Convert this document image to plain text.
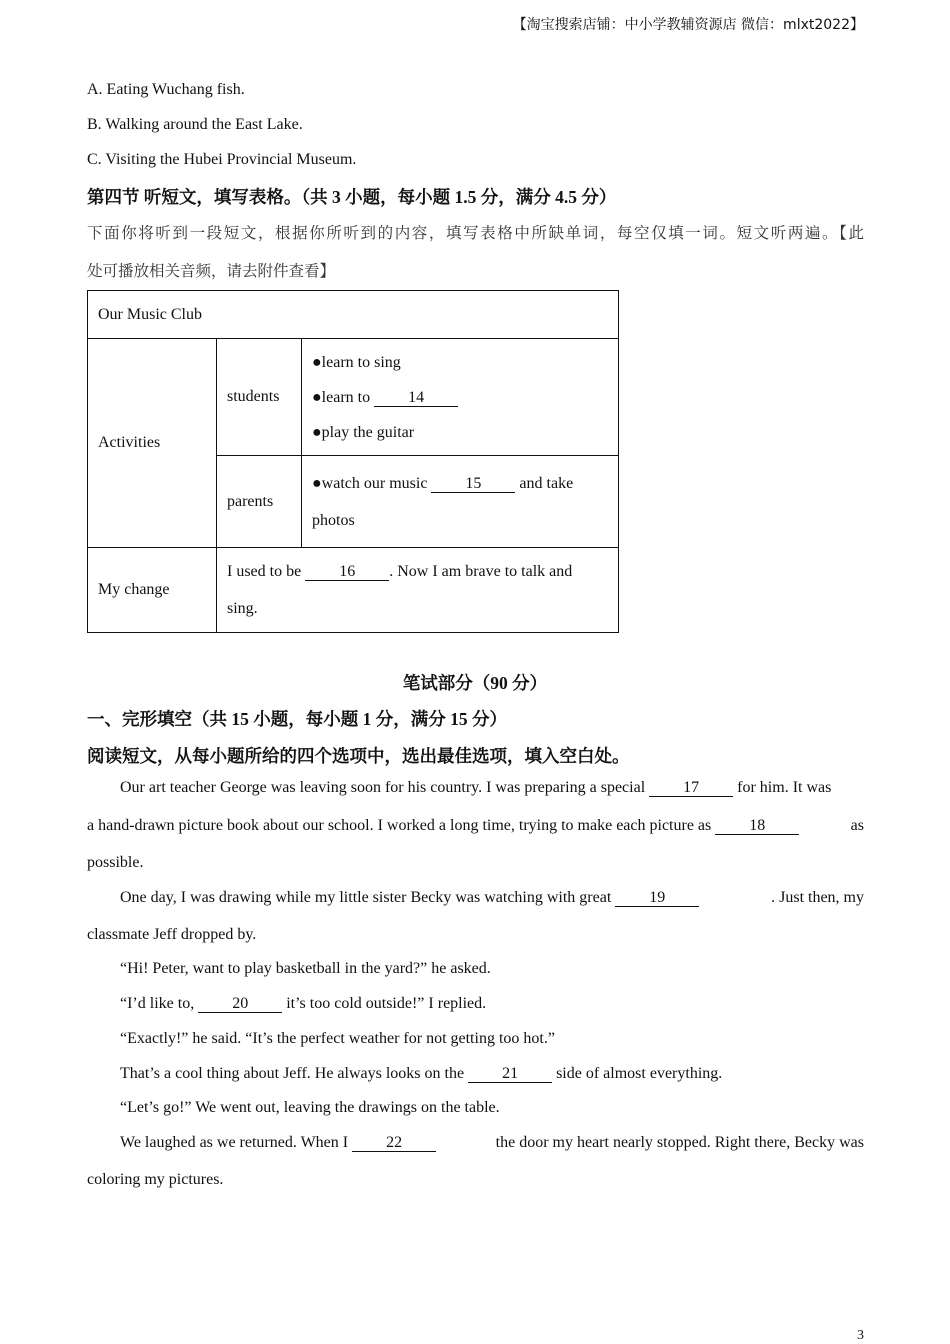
【淘宝搜索店铺：中小学教辅资源店 微信：mlxt2022】
A. Eating Wuchang fish.
B. Walking around the East Lake.
C. Visiting the Hubei Provincial Museum.
第四节 听短文，填写表格。（共 3 小题，每小题 1.5 分，满分 4.5 分）
下面你将听到一段短文，根据你所听到的内容，填写表格中所缺单词，每空仅填一词。短文听两遍。【此
处可播放相关音频，请去附件查看】
Our Music Club		
Activities	students	●learn to sing
●learn to 14
●play the guitar

	parents	●watch our music 15 and take
photos

My change	I used to be 16 . Now I am brave to talk and
sing.	
笔试部分（90 分）
一、完形填空（共 15 小题，每小题 1 分，满分 15 分）
阅读短文，从每小题所给的四个选项中，选出最佳选项，填入空白处。
Our art teacher George was leaving soon for his country. I was preparing a special 17 for him. It was
a hand-drawn picture book about our school. I worked a long time, trying to make each picture as 18	as
possible.
One day, I was drawing while my little sister Becky was watching with great 19	. Just then, my
classmate Jeff dropped by.
“Hi! Peter, want to play basketball in the yard?” he asked.
“I’d like to, 20 it’s too cold outside!” I replied.
“Exactly!” he said. “It’s the perfect weather for not getting too hot.”
That’s a cool thing about Jeff. He always looks on the 21 side of almost everything.
“Let’s go!” We went out, leaving the drawings on the table.
We laughed as we returned. When I 22	the door my heart nearly stopped. Right there, Becky was
coloring my pictures.
3
